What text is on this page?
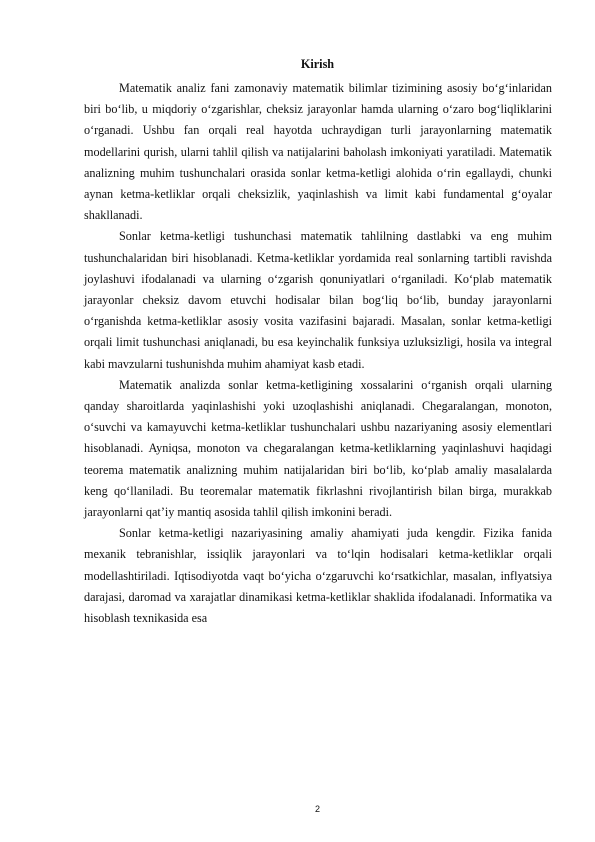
Kirish

Matematik analiz fani zamonaviy matematik bilimlar tizimining asosiy bo‘g‘inlaridan biri bo‘lib, u miqdoriy o‘zgarishlar, cheksiz jarayonlar hamda ularning o‘zaro bog‘liqliklarini o‘rganadi. Ushbu fan orqali real hayotda uchraydigan turli jarayonlarning matematik modellarini qurish, ularni tahlil qilish va natijalarini baholash imkoniyati yaratiladi. Matematik analizning muhim tushunchalari orasida sonlar ketma-ketligi alohida o‘rin egallaydi, chunki aynan ketma-ketliklar orqali cheksizlik, yaqinlashish va limit kabi fundamental g‘oyalar shakllanadi.

Sonlar ketma-ketligi tushunchasi matematik tahlilning dastlabki va eng muhim tushunchalaridan biri hisoblanadi. Ketma-ketliklar yordamida real sonlarning tartibli ravishda joylashuvi ifodalanadi va ularning o‘zgarish qonuniyatlari o‘rganiladi. Ko‘plab matematik jarayonlar cheksiz davom etuvchi hodisalar bilan bog‘liq bo‘lib, bunday jarayonlarni o‘rganishda ketma-ketliklar asosiy vosita vazifasini bajaradi. Masalan, sonlar ketma-ketligi orqali limit tushunchasi aniqlanadi, bu esa keyinchalik funksiya uzluksizligi, hosila va integral kabi mavzularni tushunishda muhim ahamiyat kasb etadi.

Matematik analizda sonlar ketma-ketligining xossalarini o‘rganish orqali ularning qanday sharoitlarda yaqinlashishi yoki uzoqlashishi aniqlanadi. Chegaralangan, monoton, o‘suvchi va kamayuvchi ketma-ketliklar tushunchalari ushbu nazariyaning asosiy elementlari hisoblanadi. Ayniqsa, monoton va chegaralangan ketma-ketliklarning yaqinlashuvi haqidagi teorema matematik analizning muhim natijalaridan biri bo‘lib, ko‘plab amaliy masalalarda keng qo‘llaniladi. Bu teoremalar matematik fikrlashni rivojlantirish bilan birga, murakkab jarayonlarni qat’iy mantiq asosida tahlil qilish imkonini beradi.

Sonlar ketma-ketligi nazariyasining amaliy ahamiyati juda kengdir. Fizika fanida mexanik tebranishlar, issiqlik jarayonlari va to‘lqin hodisalari ketma-ketliklar orqali modellashtiriladi. Iqtisodiyotda vaqt bo‘yicha o‘zgaruvchi ko‘rsatkichlar, masalan, inflyatsiya darajasi, daromad va xarajatlar dinamikasi ketma-ketliklar shaklida ifodalanadi. Informatika va hisoblash texnikasida esa

2
